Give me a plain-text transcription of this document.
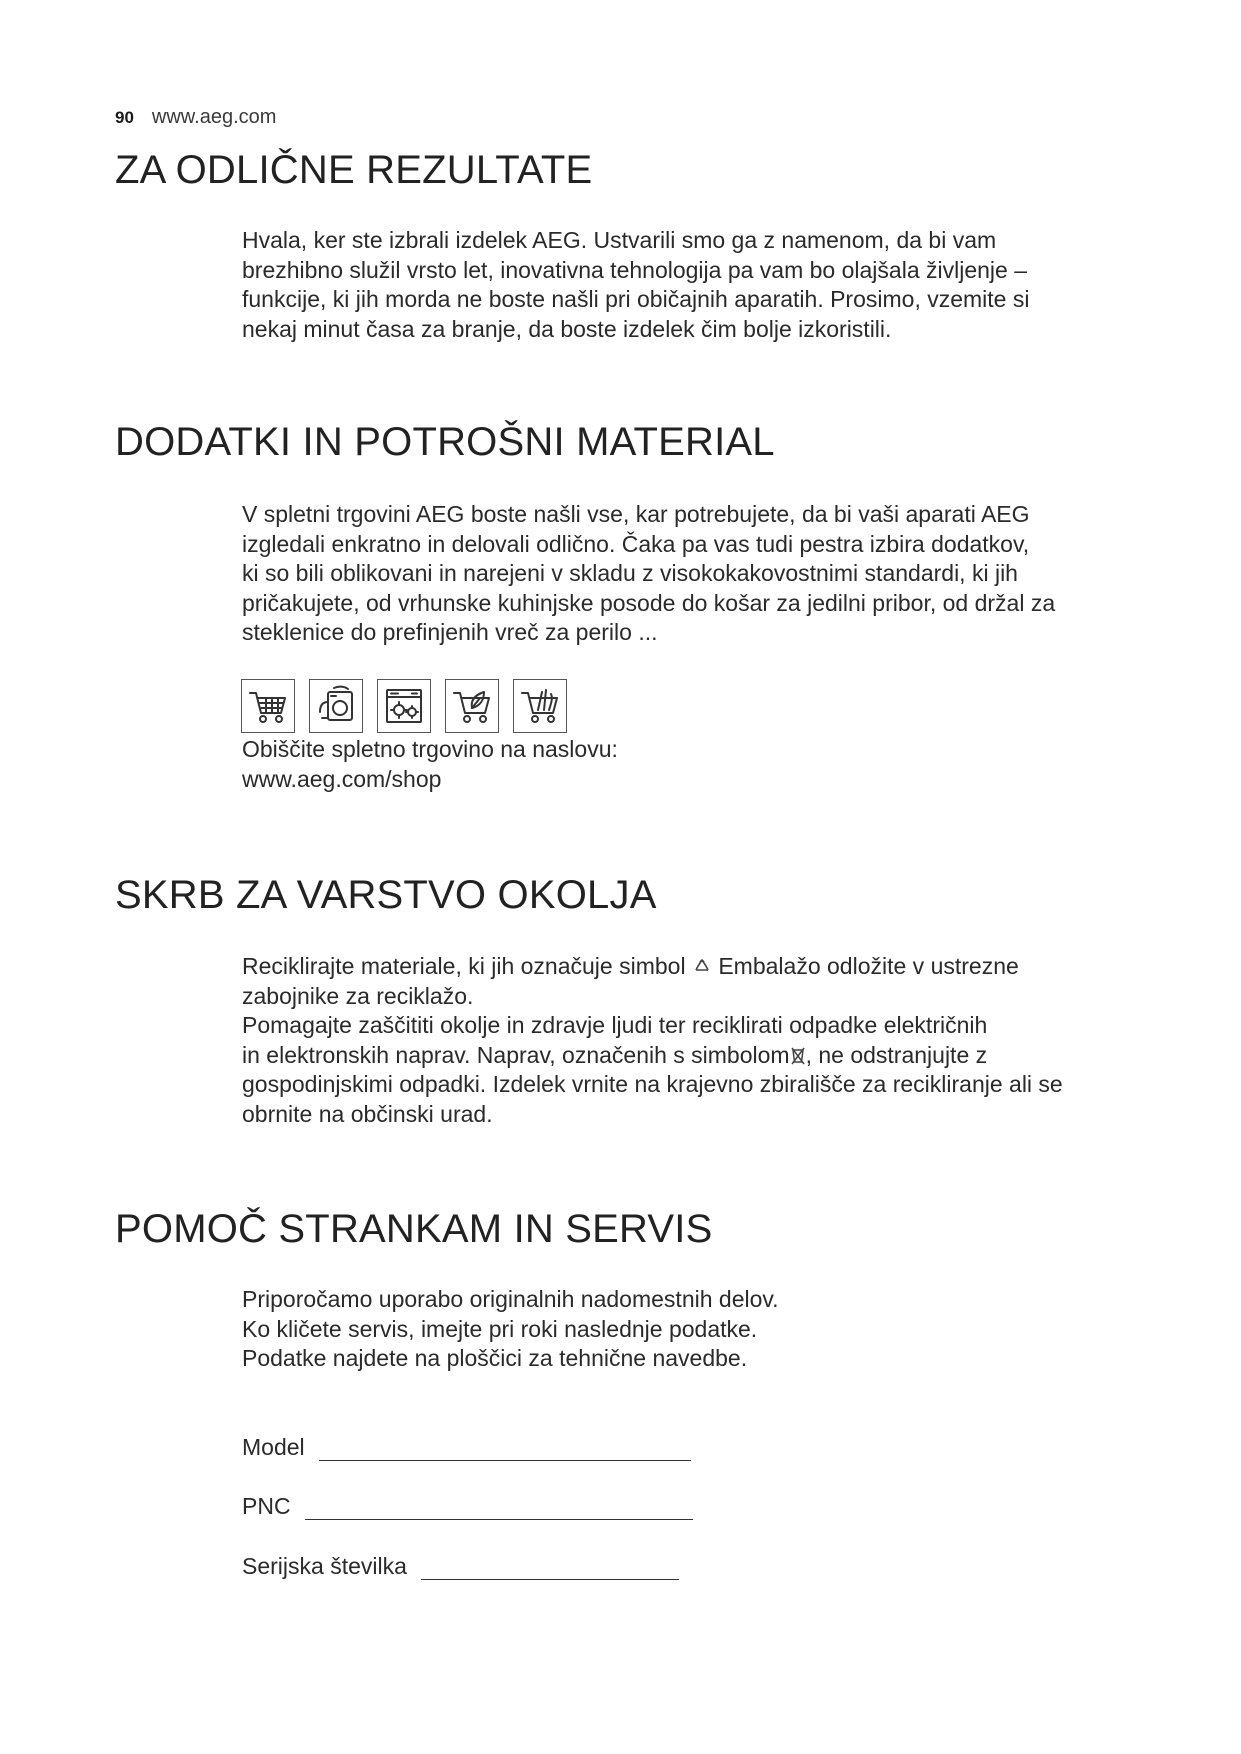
90 www.aeg.com
ZA ODLIČNE REZULTATE
Hvala, ker ste izbrali izdelek AEG. Ustvarili smo ga z namenom, da bi vam
brezhibno služil vrsto let, inovativna tehnologija pa vam bo olajšala življenje –
funkcije, ki jih morda ne boste našli pri običajnih aparatih. Prosimo, vzemite si
nekaj minut časa za branje, da boste izdelek čim bolje izkoristili.
DODATKI IN POTROŠNI MATERIAL
V spletni trgovini AEG boste našli vse, kar potrebujete, da bi vaši aparati AEG
izgledali enkratno in delovali odlično. Čaka pa vas tudi pestra izbira dodatkov,
ki so bili oblikovani in narejeni v skladu z visokokakovostnimi standardi, ki jih
pričakujete, od vrhunske kuhinjske posode do košar za jedilni pribor, od držal za
steklenice do prefinjenih vreč za perilo ...
Obiščite spletno trgovino na naslovu:
www.aeg.com/shop
SKRB ZA VARSTVO OKOLJA
Reciklirajte materiale, ki jih označuje simbol Embalažo odložite v ustrezne
zabojnike za reciklažo.
Pomagajte zaščititi okolje in zdravje ljudi ter reciklirati odpadke električnih
in elektronskih naprav. Naprav, označenih s simbolom , ne odstranjujte z
gospodinjskimi odpadki. Izdelek vrnite na krajevno zbirališče za recikliranje ali se
obrnite na občinski urad.
POMOČ STRANKAM IN SERVIS
Priporočamo uporabo originalnih nadomestnih delov.
Ko kličete servis, imejte pri roki naslednje podatke.
Podatke najdete na ploščici za tehnične navedbe.
Model
PNC
Serijska številka
